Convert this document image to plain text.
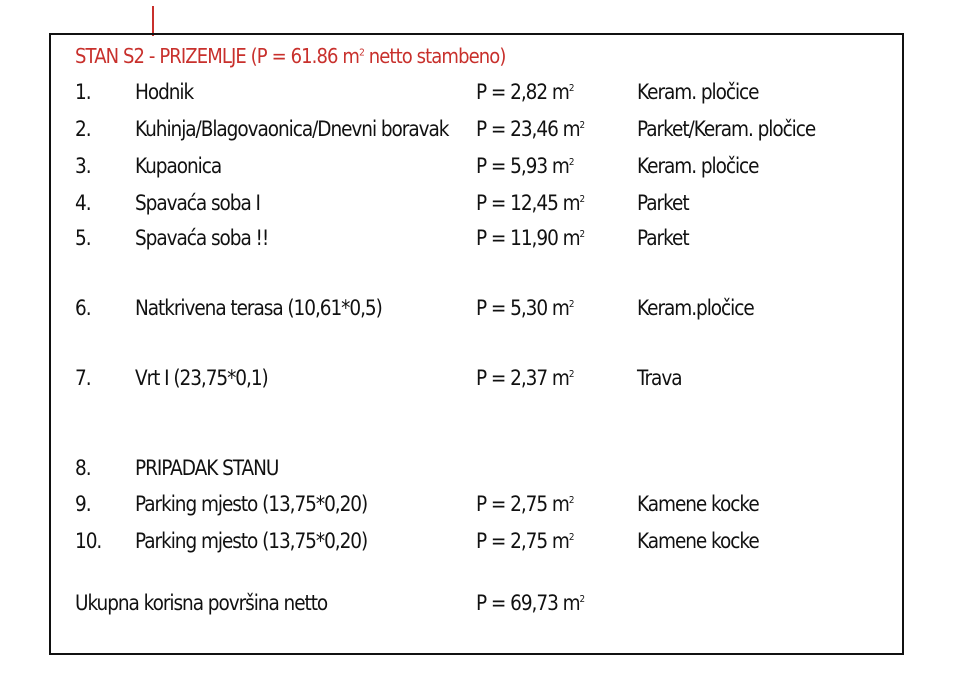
STAN S2 - PRIZEMLJE (P = 61.86 $m^2$ netto stambeno)
1. Hodnik	P = 2,82 $m^2$	Keram. pločice
2. Kuhinja/Blagovaonica/Dnevni boravak P = 23,46 $m^2$	Parket/Keram. pločice
3. Kupaonica	P = 5,93 $m^2$	Keram. pločice
4. Spavaća soba I	P = 12,45 $m^2$	Parket
5. Spavaća soba !!	P = 11,90 $m^2$	Parket
6. Natkrivena terasa (10,61*0,5)	P = 5,30 $m^2$	Keram.pločice
7. Vrt I (23,75*0,1)	P = 2,37 $m^2$	Trava
8. PRIPADAK STANU
9. Parking mjesto (13,75*0,20)	P = 2,75 $m^2$	Kamene kocke
10. Parking mjesto (13,75*0,20)	P = 2,75 $m^2$	Kamene kocke
Ukupna korisna površina netto	P = 69,73 $m^2$
